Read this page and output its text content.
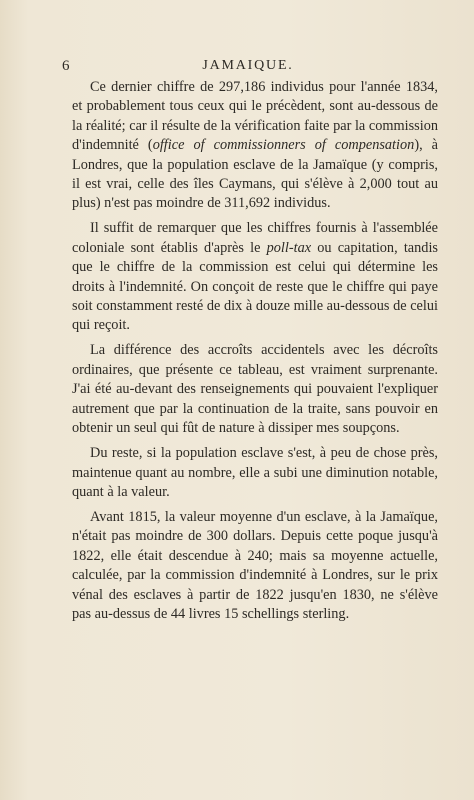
6	JAMAIQUE.

Ce dernier chiffre de 297,186 individus pour l'année 1834, et probablement tous ceux qui le précèdent, sont au-dessous de la réalité; car il résulte de la vérification faite par la commission d'indemnité (office of commissionners of compensation), à Londres, que la population esclave de la Jamaïque (y compris, il est vrai, celle des îles Caymans, qui s'élève à 2,000 tout au plus) n'est pas moindre de 311,692 individus.

Il suffit de remarquer que les chiffres fournis à l'assemblée coloniale sont établis d'après le poll-tax ou capitation, tandis que le chiffre de la commission est celui qui détermine les droits à l'indemnité. On conçoit de reste que le chiffre qui paye soit constamment resté de dix à douze mille au-dessous de celui qui reçoit.

La différence des accroîts accidentels avec les décroîts ordinaires, que présente ce tableau, est vraiment surprenante. J'ai été au-devant des renseignements qui pouvaient l'expliquer autrement que par la continuation de la traite, sans pouvoir en obtenir un seul qui fût de nature à dissiper mes soupçons.

Du reste, si la population esclave s'est, à peu de chose près, maintenue quant au nombre, elle a subi une diminution notable, quant à la valeur.

Avant 1815, la valeur moyenne d'un esclave, à la Jamaïque, n'était pas moindre de 300 dollars. Depuis cette poque jusqu'à 1822, elle était descendue à 240; mais sa moyenne actuelle, calculée, par la commission d'indemnité à Londres, sur le prix vénal des esclaves à partir de 1822 jusqu'en 1830, ne s'élève pas au-dessus de 44 livres 15 schellings sterling.
